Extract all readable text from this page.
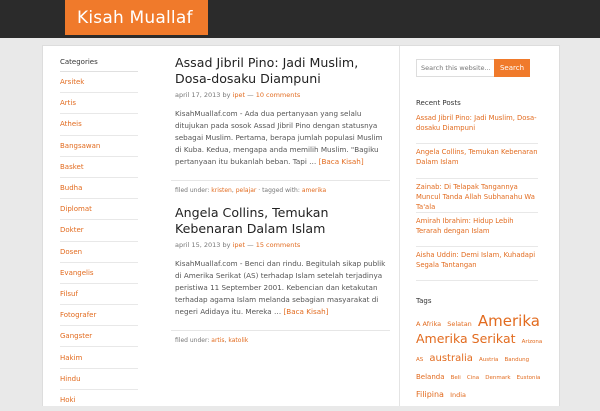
Kisah Muallaf
Categories
Arsitek
Artis
Atheis
Bangsawan
Basket
Budha
Diplomat
Dokter
Dosen
Evangelis
Filsuf
Fotografer
Gangster
Hakim
Hindu
Hoki
Assad Jibril Pino: Jadi Muslim, Dosa-dosaku Diampuni
april 17, 2013 by ipet — 10 comments

KisahMuallaf.com - Ada dua pertanyaan yang selalu ditujukan pada sosok Assad Jibril Pino dengan statusnya sebagai Muslim. Pertama, berapa jumlah populasi Muslim di Kuba. Kedua, mengapa anda memilih Muslim. "Bagiku pertanyaan itu bukanlah beban. Tapi … [Baca Kisah]

filed under: kristen, pelajar · tagged with: amerika
Angela Collins, Temukan Kebenaran Dalam Islam
april 15, 2013 by ipet — 15 comments

KisahMuallaf.com - Benci dan rindu. Begitulah sikap publik di Amerika Serikat (AS) terhadap Islam setelah terjadinya peristiwa 11 September 2001. Kebencian dan ketakutan terhadap agama Islam melanda sebagian masyarakat di negeri Adidaya itu. Mereka … [Baca Kisah]

filed under: artis, katolik
Search this website...
Search
Recent Posts
Assad Jibril Pino: Jadi Muslim, Dosa-dosaku Diampuni
Angela Collins, Temukan Kebenaran Dalam Islam
Zainab: Di Telapak Tangannya Muncul Tanda Allah Subhanahu Wa Ta'ala
Amirah Ibrahim: Hidup Lebih Terarah dengan Islam
Aisha Uddin: Demi Islam, Kuhadapi Segala Tantangan
Tags
A Afrika Selatan Amerika Amerika Serikat Arizona AS australia Austria Bandung Belanda Beli Cina Denmark Eustonia Filipina India
